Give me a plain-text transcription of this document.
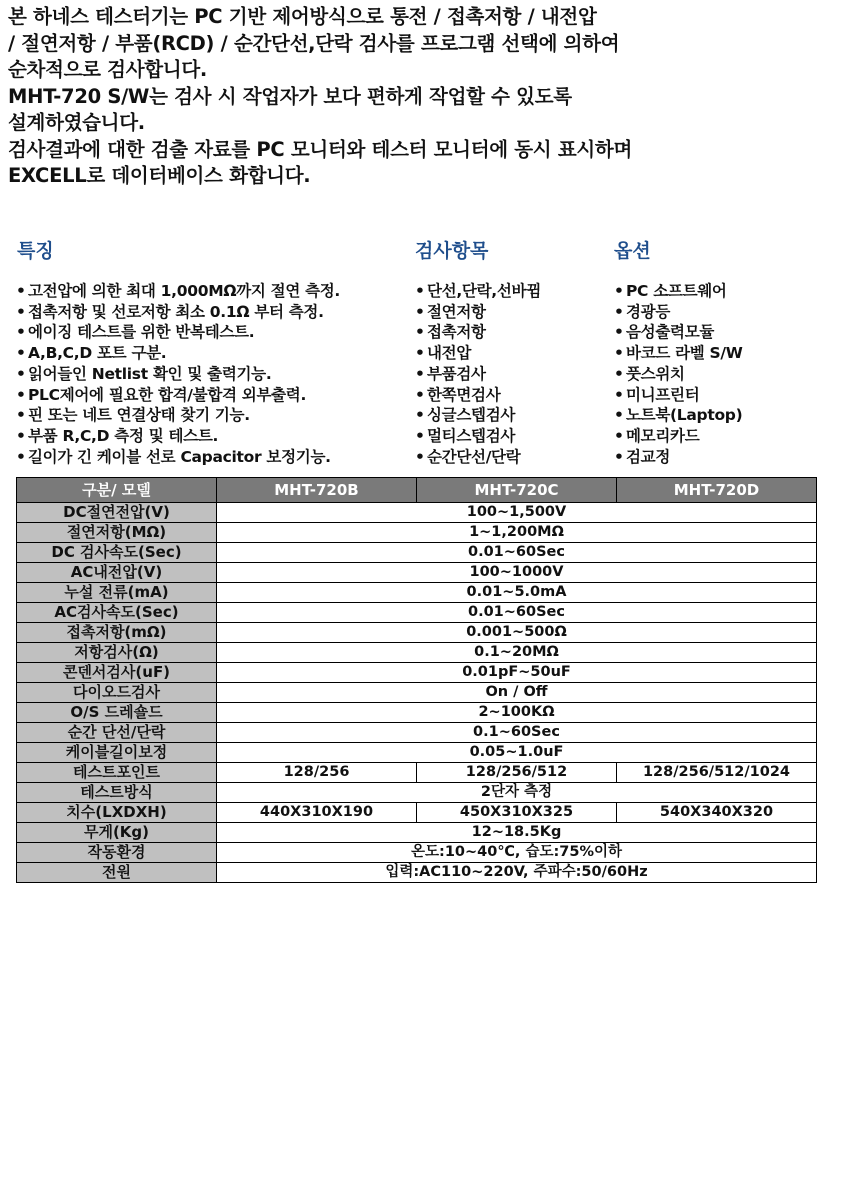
본 하네스 테스터기는 PC 기반 제어방식으로 통전 / 접촉저항 / 내전압
/ 절연저항 / 부품(RCD) / 순간단선,단락 검사를 프로그램 선택에 의하여
순차적으로 검사합니다.
MHT-720 S/W는 검사 시 작업자가 보다 편하게 작업할 수 있도록
설계하였습니다.
검사결과에 대한 검출 자료를 PC 모니터와 테스터 모니터에 동시 표시하며
EXCELL로 데이터베이스 화합니다.
특징	검사항목	옵션
• 고전압에 의한 최대 1,000MΩ까지 절연 측정.
• 접촉저항 및 선로저항 최소 0.1Ω 부터 측정.
• 에이징 테스트를 위한 반복테스트.
• A,B,C,D 포트 구분.
• 읽어들인 Netlist 확인 및 출력기능.
• PLC제어에 필요한 합격/불합격 외부출력.
• 핀 또는 네트 연결상태 찾기 기능.
• 부품 R,C,D 측정 및 테스트.
• 길이가 긴 케이블 선로 Capacitor 보정기능.
• 단선,단락,선바뀜
• 절연저항
• 접촉저항
• 내전압
• 부품검사
• 한쪽면검사
• 싱글스텝검사
• 멀티스텝검사
• 순간단선/단락
• PC 소프트웨어
• 경광등
• 음성출력모듈
• 바코드 라벨 S/W
• 풋스위치
• 미니프린터
• 노트북(Laptop)
• 메모리카드
• 검교정
구분/ 모델	MHT-720B	MHT-720C	MHT-720D
DC절연전압(V)	100~1,500V		
절연저항(MΩ)	1~1,200MΩ		
DC 검사속도(Sec)	0.01~60Sec		
AC내전압(V)	100~1000V		
누설 전류(mA)	0.01~5.0mA		
AC검사속도(Sec)	0.01~60Sec		
접촉저항(mΩ)	0.001~500Ω		
저항검사(Ω)	0.1~20MΩ		
콘덴서검사(uF)	0.01pF~50uF		
다이오드검사	On / Off		
O/S 드레숄드	2~100KΩ		
순간 단선/단락	0.1~60Sec		
케이블길이보정	0.05~1.0uF		
테스트포인트	128/256	128/256/512	128/256/512/1024
테스트방식	2단자 측정		
치수(LXDXH)	440X310X190	450X310X325	540X340X320
무게(Kg)	12~18.5Kg		
작동환경	온도:10~40℃, 습도:75%이하		
전원	입력:AC110~220V, 주파수:50/60Hz		
